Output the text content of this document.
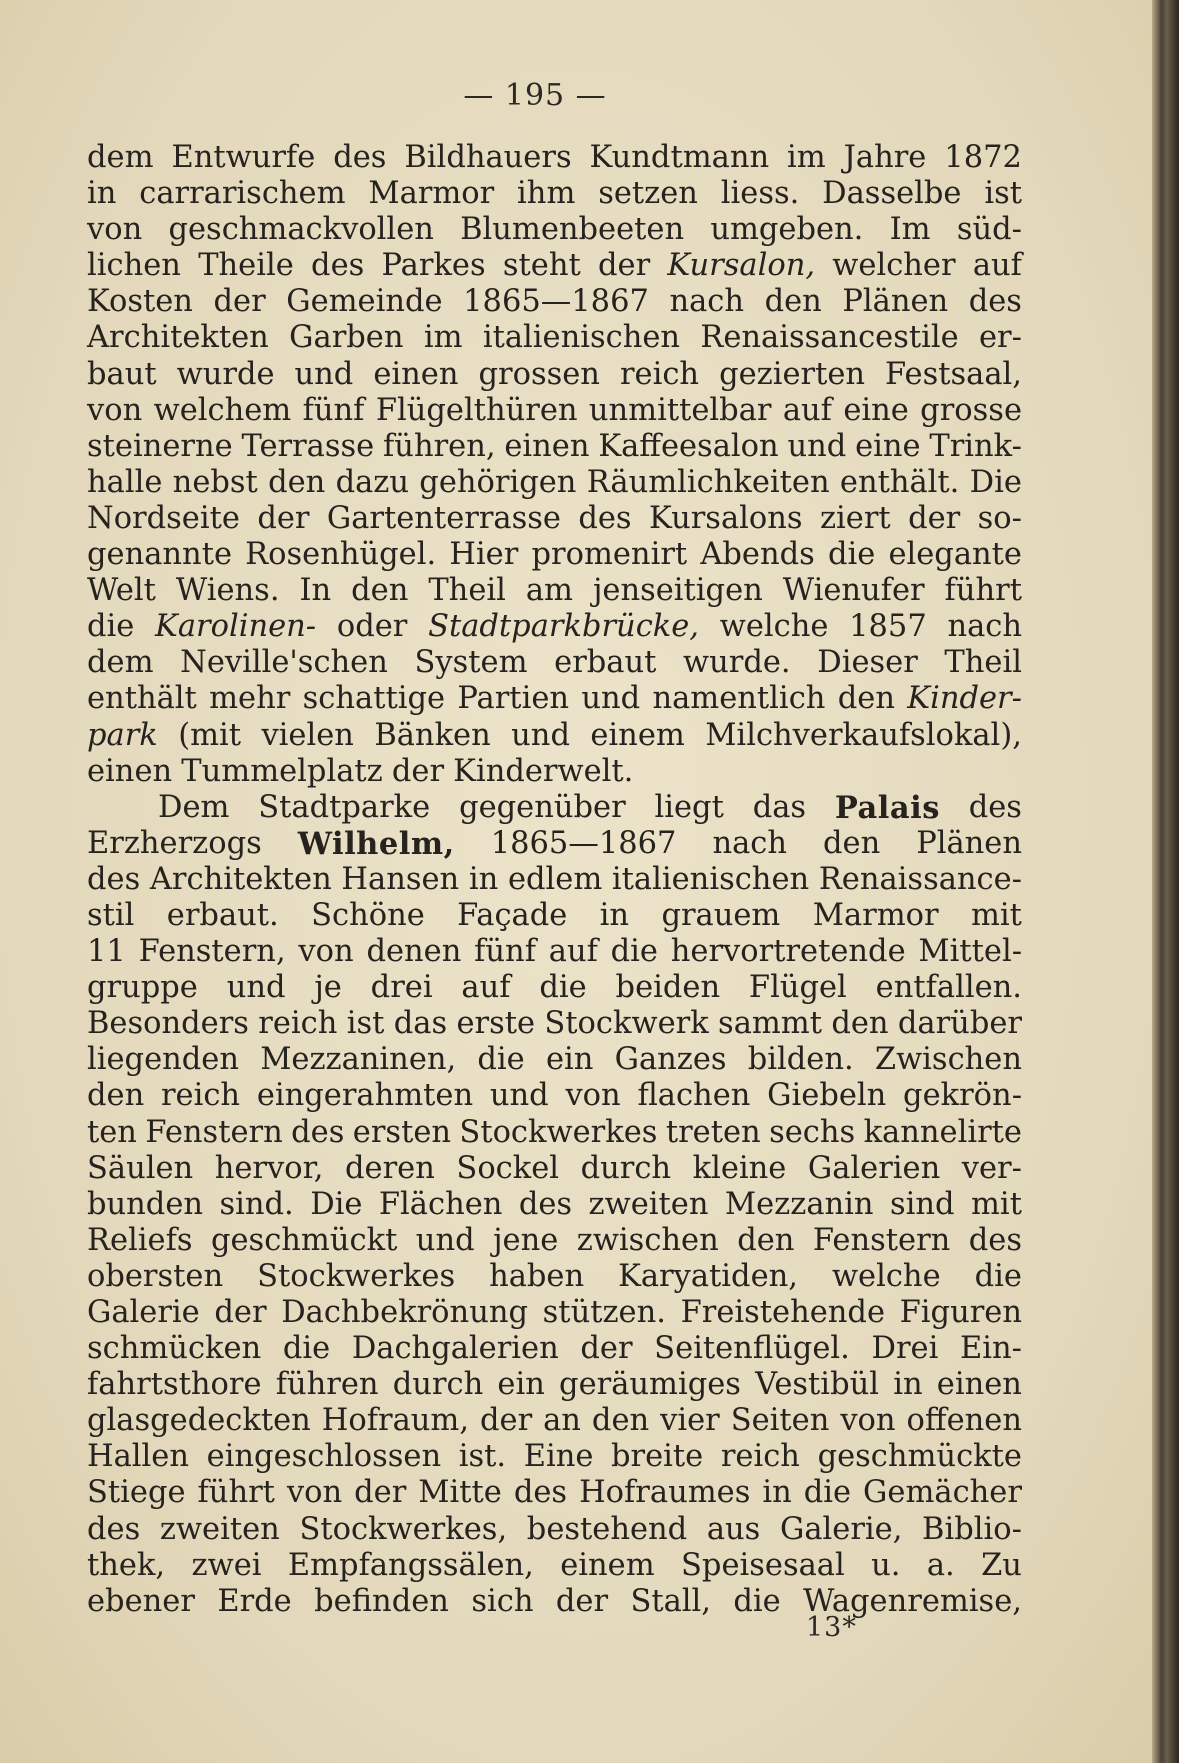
— 195 —
dem Entwurfe des Bildhauers Kundtmann im Jahre 1872
in carrarischem Marmor ihm setzen liess. Dasselbe ist
von geschmackvollen Blumenbeeten umgeben. Im süd-
lichen Theile des Parkes steht der Kursalon, welcher auf
Kosten der Gemeinde 1865—1867 nach den Plänen des
Architekten Garben im italienischen Renaissancestile er-
baut wurde und einen grossen reich gezierten Festsaal,
von welchem fünf Flügelthüren unmittelbar auf eine grosse
steinerne Terrasse führen, einen Kaffeesalon und eine Trink-
halle nebst den dazu gehörigen Räumlichkeiten enthält. Die
Nordseite der Gartenterrasse des Kursalons ziert der so-
genannte Rosenhügel. Hier promenirt Abends die elegante
Welt Wiens. In den Theil am jenseitigen Wienufer führt
die Karolinen- oder Stadtparkbrücke, welche 1857 nach
dem Neville'schen System erbaut wurde. Dieser Theil
enthält mehr schattige Partien und namentlich den Kinder-
park (mit vielen Bänken und einem Milchverkaufslokal),
einen Tummelplatz der Kinderwelt.
Dem Stadtparke gegenüber liegt das Palais des
Erzherzogs Wilhelm, 1865—1867 nach den Plänen
des Architekten Hansen in edlem italienischen Renaissance-
stil erbaut. Schöne Façade in grauem Marmor mit
11 Fenstern, von denen fünf auf die hervortretende Mittel-
gruppe und je drei auf die beiden Flügel entfallen.
Besonders reich ist das erste Stockwerk sammt den darüber
liegenden Mezzaninen, die ein Ganzes bilden. Zwischen
den reich eingerahmten und von flachen Giebeln gekrön-
ten Fenstern des ersten Stockwerkes treten sechs kannelirte
Säulen hervor, deren Sockel durch kleine Galerien ver-
bunden sind. Die Flächen des zweiten Mezzanin sind mit
Reliefs geschmückt und jene zwischen den Fenstern des
obersten Stockwerkes haben Karyatiden, welche die
Galerie der Dachbekrönung stützen. Freistehende Figuren
schmücken die Dachgalerien der Seitenflügel. Drei Ein-
fahrtsthore führen durch ein geräumiges Vestibül in einen
glasgedeckten Hofraum, der an den vier Seiten von offenen
Hallen eingeschlossen ist. Eine breite reich geschmückte
Stiege führt von der Mitte des Hofraumes in die Gemächer
des zweiten Stockwerkes, bestehend aus Galerie, Biblio-
thek, zwei Empfangssälen, einem Speisesaal u. a. Zu
ebener Erde befinden sich der Stall, die Wagenremise,
13*
